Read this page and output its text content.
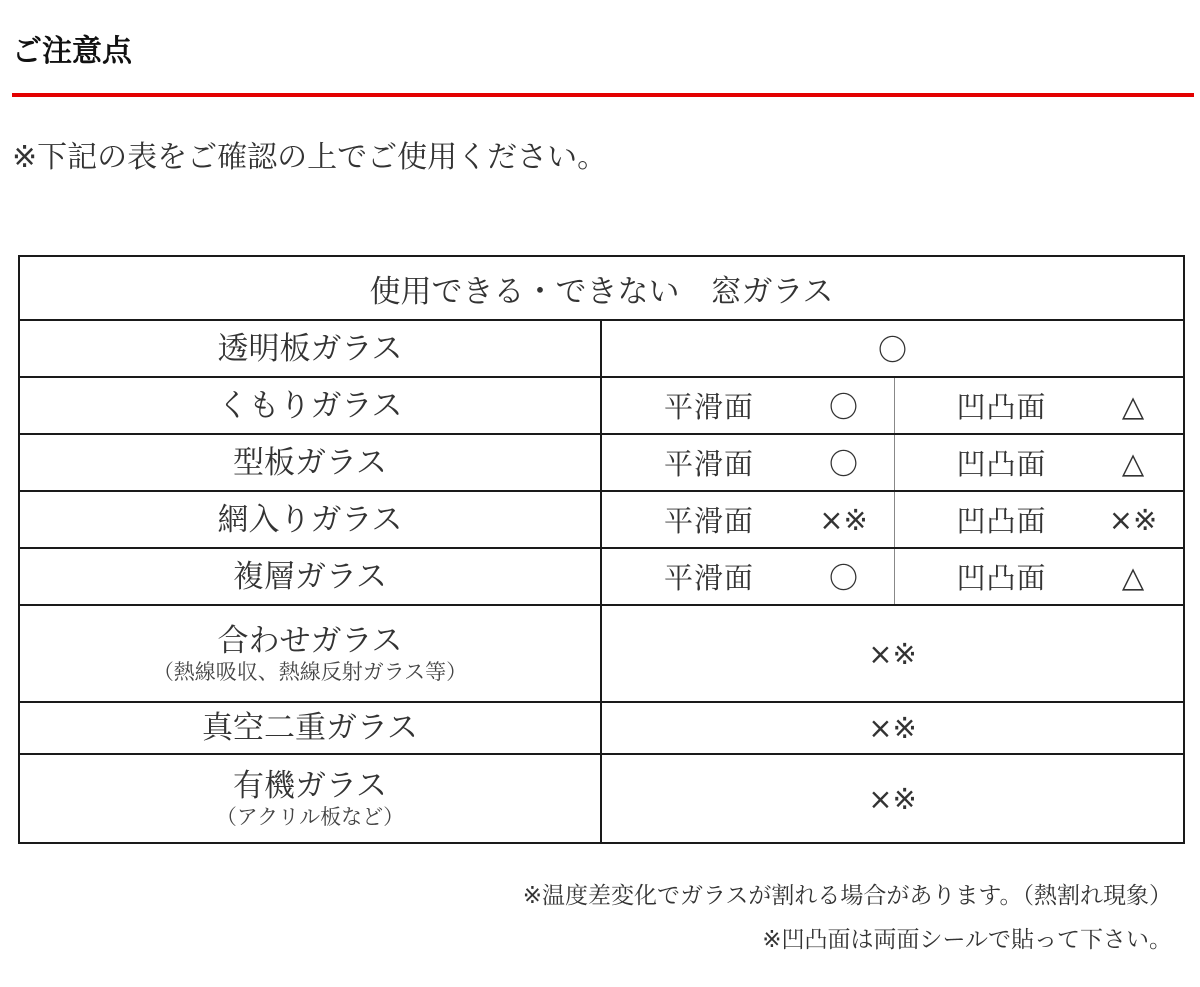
ご注意点

※下記の表をご確認の上でご使用ください。

使用できる・できない　窓ガラス		
透明板ガラス	〇	
くもりガラス	平滑面 〇	凹凸面 △

型板ガラス	平滑面 〇	凹凸面 △

網入りガラス	平滑面 ×※	凹凸面 ×※

複層ガラス	平滑面 〇	凹凸面 △

合わせガラス
（熱線吸収、熱線反射ガラス等）	×※	
真空二重ガラス	×※	
有機ガラス
（アクリル板など）	×※	

※温度差変化でガラスが割れる場合があります。（熱割れ現象）

※凹凸面は両面シールで貼って下さい。
